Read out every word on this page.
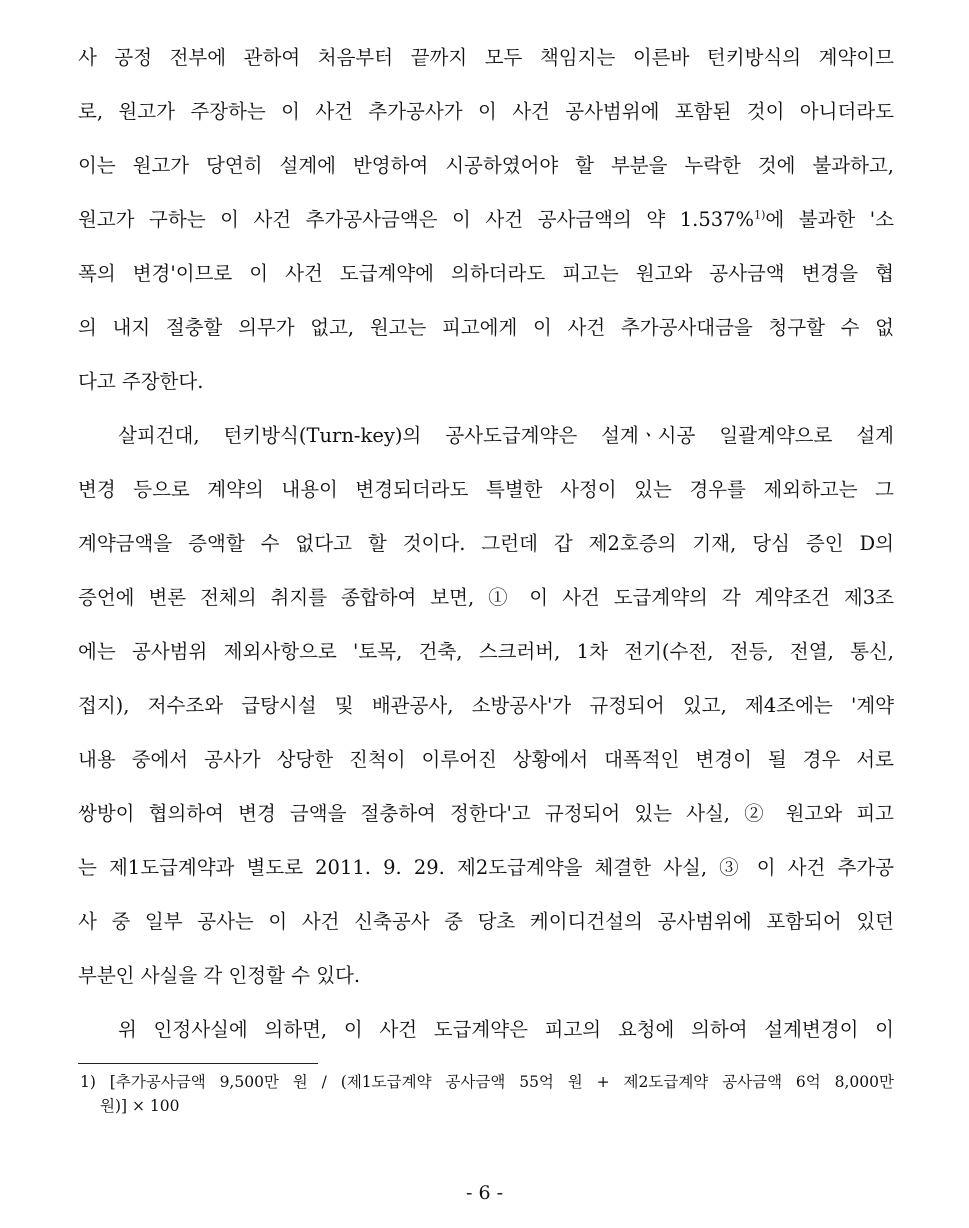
사 공정 전부에 관하여 처음부터 끝까지 모두 책임지는 이른바 턴키방식의 계약이므
로, 원고가 주장하는 이 사건 추가공사가 이 사건 공사범위에 포함된 것이 아니더라도
이는 원고가 당연히 설계에 반영하여 시공하였어야 할 부분을 누락한 것에 불과하고,
원고가 구하는 이 사건 추가공사금액은 이 사건 공사금액의 약 1.537%$^{1)}$에 불과한 '소
폭의 변경'이므로 이 사건 도급계약에 의하더라도 피고는 원고와 공사금액 변경을 협
의 내지 절충할 의무가 없고, 원고는 피고에게 이 사건 추가공사대금을 청구할 수 없
다고 주장한다.
살피건대, 턴키방식(Turn-key)의 공사도급계약은 설계ㆍ시공 일괄계약으로 설계
변경 등으로 계약의 내용이 변경되더라도 특별한 사정이 있는 경우를 제외하고는 그
계약금액을 증액할 수 없다고 할 것이다. 그런데 갑 제2호증의 기재, 당심 증인 D의
증언에 변론 전체의 취지를 종합하여 보면, ① 이 사건 도급계약의 각 계약조건 제3조
에는 공사범위 제외사항으로 '토목, 건축, 스크러버, 1차 전기(수전, 전등, 전열, 통신,
접지), 저수조와 급탕시설 및 배관공사, 소방공사'가 규정되어 있고, 제4조에는 '계약
내용 중에서 공사가 상당한 진척이 이루어진 상황에서 대폭적인 변경이 될 경우 서로
쌍방이 협의하여 변경 금액을 절충하여 정한다'고 규정되어 있는 사실, ② 원고와 피고
는 제1도급계약과 별도로 2011. 9. 29. 제2도급계약을 체결한 사실, ③ 이 사건 추가공
사 중 일부 공사는 이 사건 신축공사 중 당초 케이디건설의 공사범위에 포함되어 있던
부분인 사실을 각 인정할 수 있다.
위 인정사실에 의하면, 이 사건 도급계약은 피고의 요청에 의하여 설계변경이 이
1) [추가공사금액 9,500만 원 / (제1도급계약 공사금액 55억 원 + 제2도급계약 공사금액 6억 8,000만
원)] × 100
- 6 -
